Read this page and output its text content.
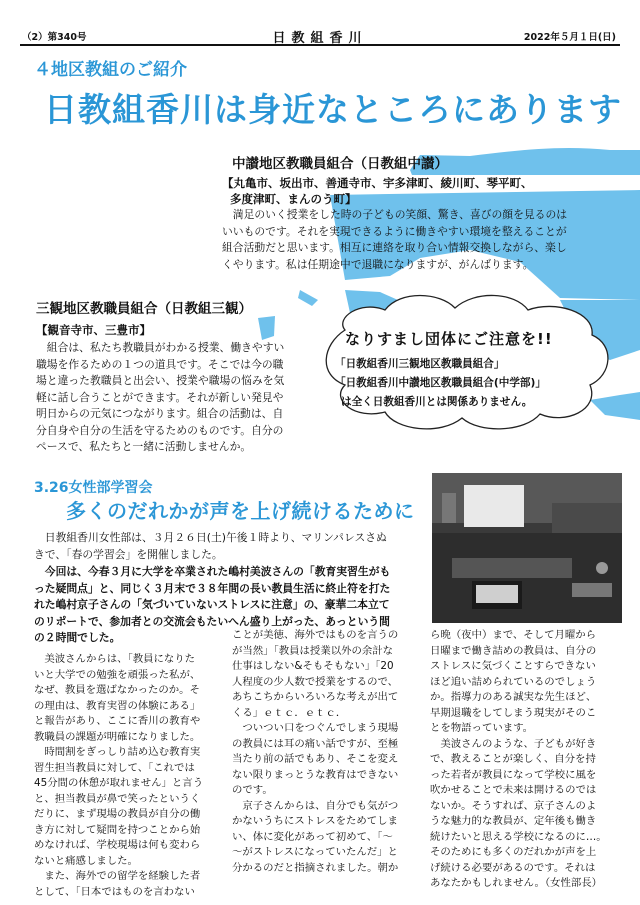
（2）第340号	日教組香川	2022年５月１日(日)
４地区教組のご紹介
日教組香川は身近なところにあります
中讃地区教職員組合（日教組中讃）
【丸亀市、坂出市、善通寺市、宇多津町、綾川町、琴平町、
多度津町、まんのう町】
　満足のいく授業をした時の子どもの笑顔、驚き、喜びの顔を見るのは
いいものです。それを実現できるように働きやすい環境を整えることが
組合活動だと思います。相互に連絡を取り合い情報交換しながら、楽し
くやります。私は任期途中で退職になりますが、がんばります。
三観地区教職員組合（日教組三観）
【観音寺市、三豊市】
　組合は、私たち教職員がわかる授業、働きやすい
職場を作るための１つの道具です。そこでは今の職
場と違った教職員と出会い、授業や職場の悩みを気
軽に話し合うことができます。それが新しい発見や
明日からの元気につながります。組合の活動は、自
分自身や自分の生活を守るためのものです。自分の
ペースで、私たちと一緒に活動しませんか。
なりすまし団体にご注意を!!
「日教組香川三観地区教職員組合」
「日教組香川中讃地区教職員組合(中学部)」
は全く日教組香川とは関係ありません。
3.26女性部学習会
多くのだれかが声を上げ続けるために
　日教組香川女性部は、３月２６日(土)午後１時より、マリンパレスさぬ
きで、「春の学習会」を開催しました。
　今回は、今春３月に大学を卒業された嶋村美波さんの「教育実習生がも
った疑問点」と、同じく３月末で３８年間の長い教員生活に終止符を打た
れた嶋村京子さんの「気づいていないストレスに注意」の、豪華二本立て
のリポートで、参加者との交流会もたいへん盛り上がった、あっという間
の２時間でした。
　美波さんからは、「教員になりた
いと大学での勉強を頑張った私が、
なぜ、教員を選ばなかったのか。そ
の理由は、教育実習の体験にある」
と報告があり、ここに香川の教育や
教職員の課題が明確になりました。
　時間割をぎっしり詰め込む教育実
習生担当教員に対して、「これでは
45分間の休憩が取れません」と言う
と、担当教員が鼻で笑ったというく
だりに、まず現場の教員が自分の働
き方に対して疑問を持つことから始
めなければ、学校現場は何も変わら
ないと痛感しました。
　また、海外での留学を経験した者
として、「日本ではものを言わない
ことが美徳、海外ではものを言うの
が当然」「教員は授業以外の余計な
仕事はしない&そもそもない」「20
人程度の少人数で授業をするので、
あちこちからいろいろな考えが出て
くる」ｅｔｃ．ｅｔｃ．
　ついつい口をつぐんでしまう現場
の教員には耳の痛い話ですが、至極
当たり前の話でもあり、そこを変え
ない限りまっとうな教育はできない
のです。
　京子さんからは、自分でも気がつ
かないうちにストレスをためてしま
い、体に変化があって初めて、「～
～がストレスになっていたんだ」と
分かるのだと指摘されました。朝か
ら晩（夜中）まで、そして月曜から
日曜まで働き詰めの教員は、自分の
ストレスに気づくことすらできない
ほど追い詰められているのでしょう
か。指導力のある誠実な先生ほど、
早期退職をしてしまう現実がそのこ
とを物語っています。
　美波さんのような、子どもが好き
で、教えることが楽しく、自分を持
った若者が教員になって学校に風を
吹かせることで未来は開けるのでは
ないか。そうすれば、京子さんのよ
うな魅力的な教員が、定年後も働き
続けたいと思える学校になるのに…。
そのためにも多くのだれかが声を上
げ続ける必要があるのです。それは
あなたかもしれません。（女性部長）
